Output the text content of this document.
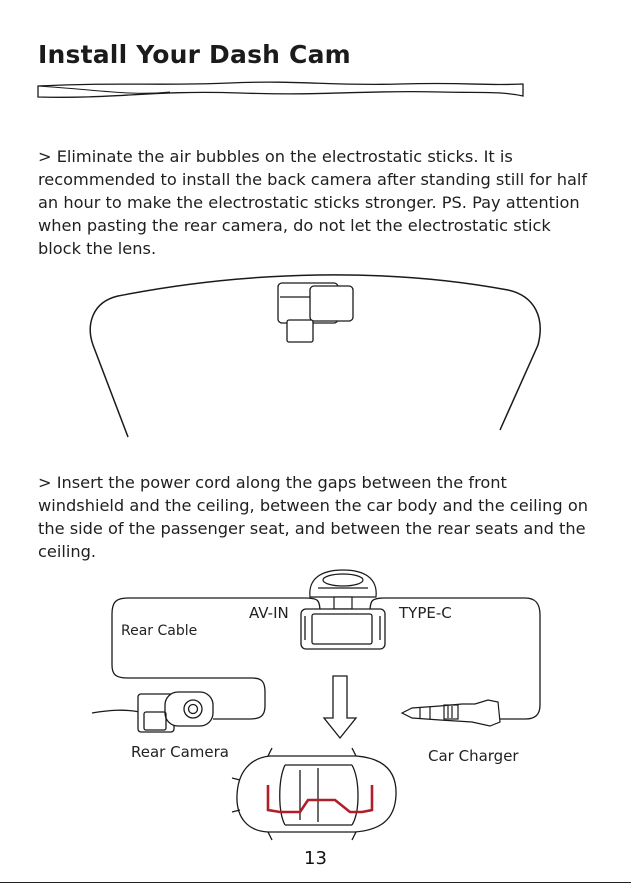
Install Your Dash Cam
> Eliminate the air bubbles on the electrostatic sticks. It is recommended to install the back camera after standing still for half an hour to make the electrostatic sticks stronger. PS. Pay attention when pasting the rear camera, do not let the electrostatic stick block the lens.
> Insert the power cord along the gaps between the front windshield and the ceiling, between the car body and the ceiling on the side of the passenger seat, and between the rear seats and the ceiling.
AV-IN	TYPE-C
Rear Cable
Rear Camera	Car Charger
13
